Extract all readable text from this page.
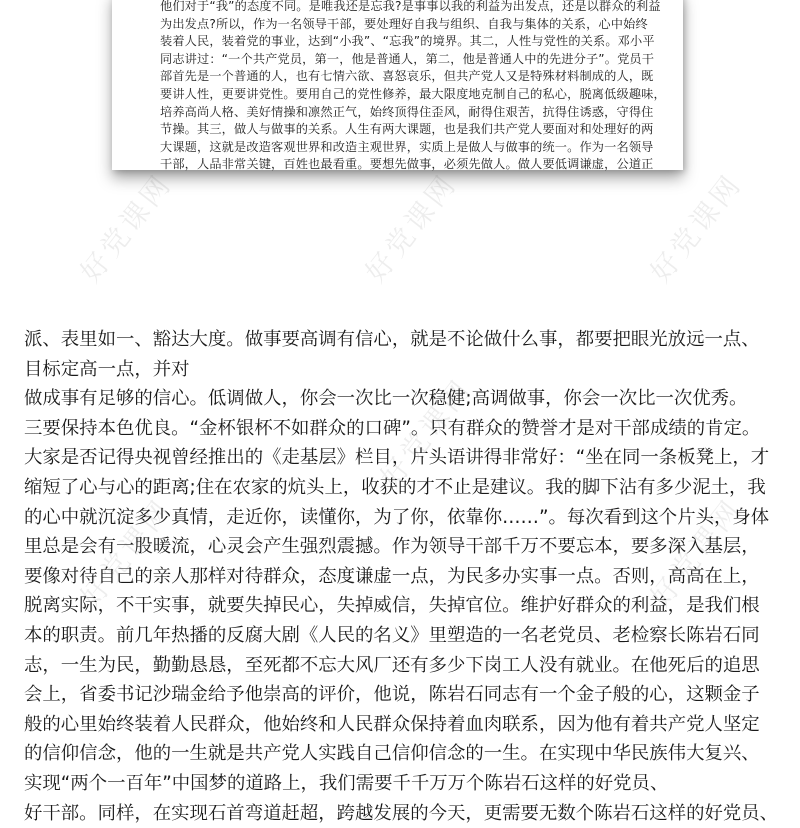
他们对于“我”的态度不同。是唯我还是忘我?是事事以我的利益为出发点，还是以群众的利益
为出发点?所以，作为一名领导干部，要处理好自我与组织、自我与集体的关系，心中始终
装着人民，装着党的事业，达到“小我”、“忘我”的境界。其二，人性与党性的关系。邓小平
同志讲过：“一个共产党员，第一，他是普通人，第二，他是普通人中的先进分子”。党员干
部首先是一个普通的人，也有七情六欲、喜怒哀乐，但共产党人又是特殊材料制成的人，既
要讲人性，更要讲党性。要用自己的党性修养，最大限度地克制自己的私心，脱离低级趣味，
培养高尚人格、美好情操和凛然正气，始终顶得住歪风，耐得住艰苦，抗得住诱惑，守得住
节操。其三，做人与做事的关系。人生有两大课题，也是我们共产党人要面对和处理好的两
大课题，这就是改造客观世界和改造主观世界，实质上是做人与做事的统一。作为一名领导
干部，人品非常关键，百姓也最看重。要想先做事，必须先做人。做人要低调谦虚，公道正
好党课网	好党课网	好党课网
好党课网
好党课网	好党课网
派、表里如一、豁达大度。做事要高调有信心，就是不论做什么事，都要把眼光放远一点、
目标定高一点，并对
做成事有足够的信心。低调做人，你会一次比一次稳健;高调做事，你会一次比一次优秀。
三要保持本色优良。“金杯银杯不如群众的口碑”。只有群众的赞誉才是对干部成绩的肯定。
大家是否记得央视曾经推出的《走基层》栏目，片头语讲得非常好：“坐在同一条板凳上，才
缩短了心与心的距离;住在农家的炕头上，收获的才不止是建议。我的脚下沾有多少泥土，我
的心中就沉淀多少真情，走近你，读懂你，为了你，依靠你……”。每次看到这个片头，身体
里总是会有一股暖流，心灵会产生强烈震撼。作为领导干部千万不要忘本，要多深入基层，
要像对待自己的亲人那样对待群众，态度谦虚一点，为民多办实事一点。否则，高高在上，
脱离实际，不干实事，就要失掉民心，失掉威信，失掉官位。维护好群众的利益，是我们根
本的职责。前几年热播的反腐大剧《人民的名义》里塑造的一名老党员、老检察长陈岩石同
志，一生为民，勤勤恳恳，至死都不忘大风厂还有多少下岗工人没有就业。在他死后的追思
会上，省委书记沙瑞金给予他崇高的评价，他说，陈岩石同志有一个金子般的心，这颗金子
般的心里始终装着人民群众，他始终和人民群众保持着血肉联系，因为他有着共产党人坚定
的信仰信念，他的一生就是共产党人实践自己信仰信念的一生。在实现中华民族伟大复兴、
实现“两个一百年”中国梦的道路上，我们需要千千万万个陈岩石这样的好党员、
好干部。同样，在实现石首弯道赶超，跨越发展的今天，更需要无数个陈岩石这样的好党员、
